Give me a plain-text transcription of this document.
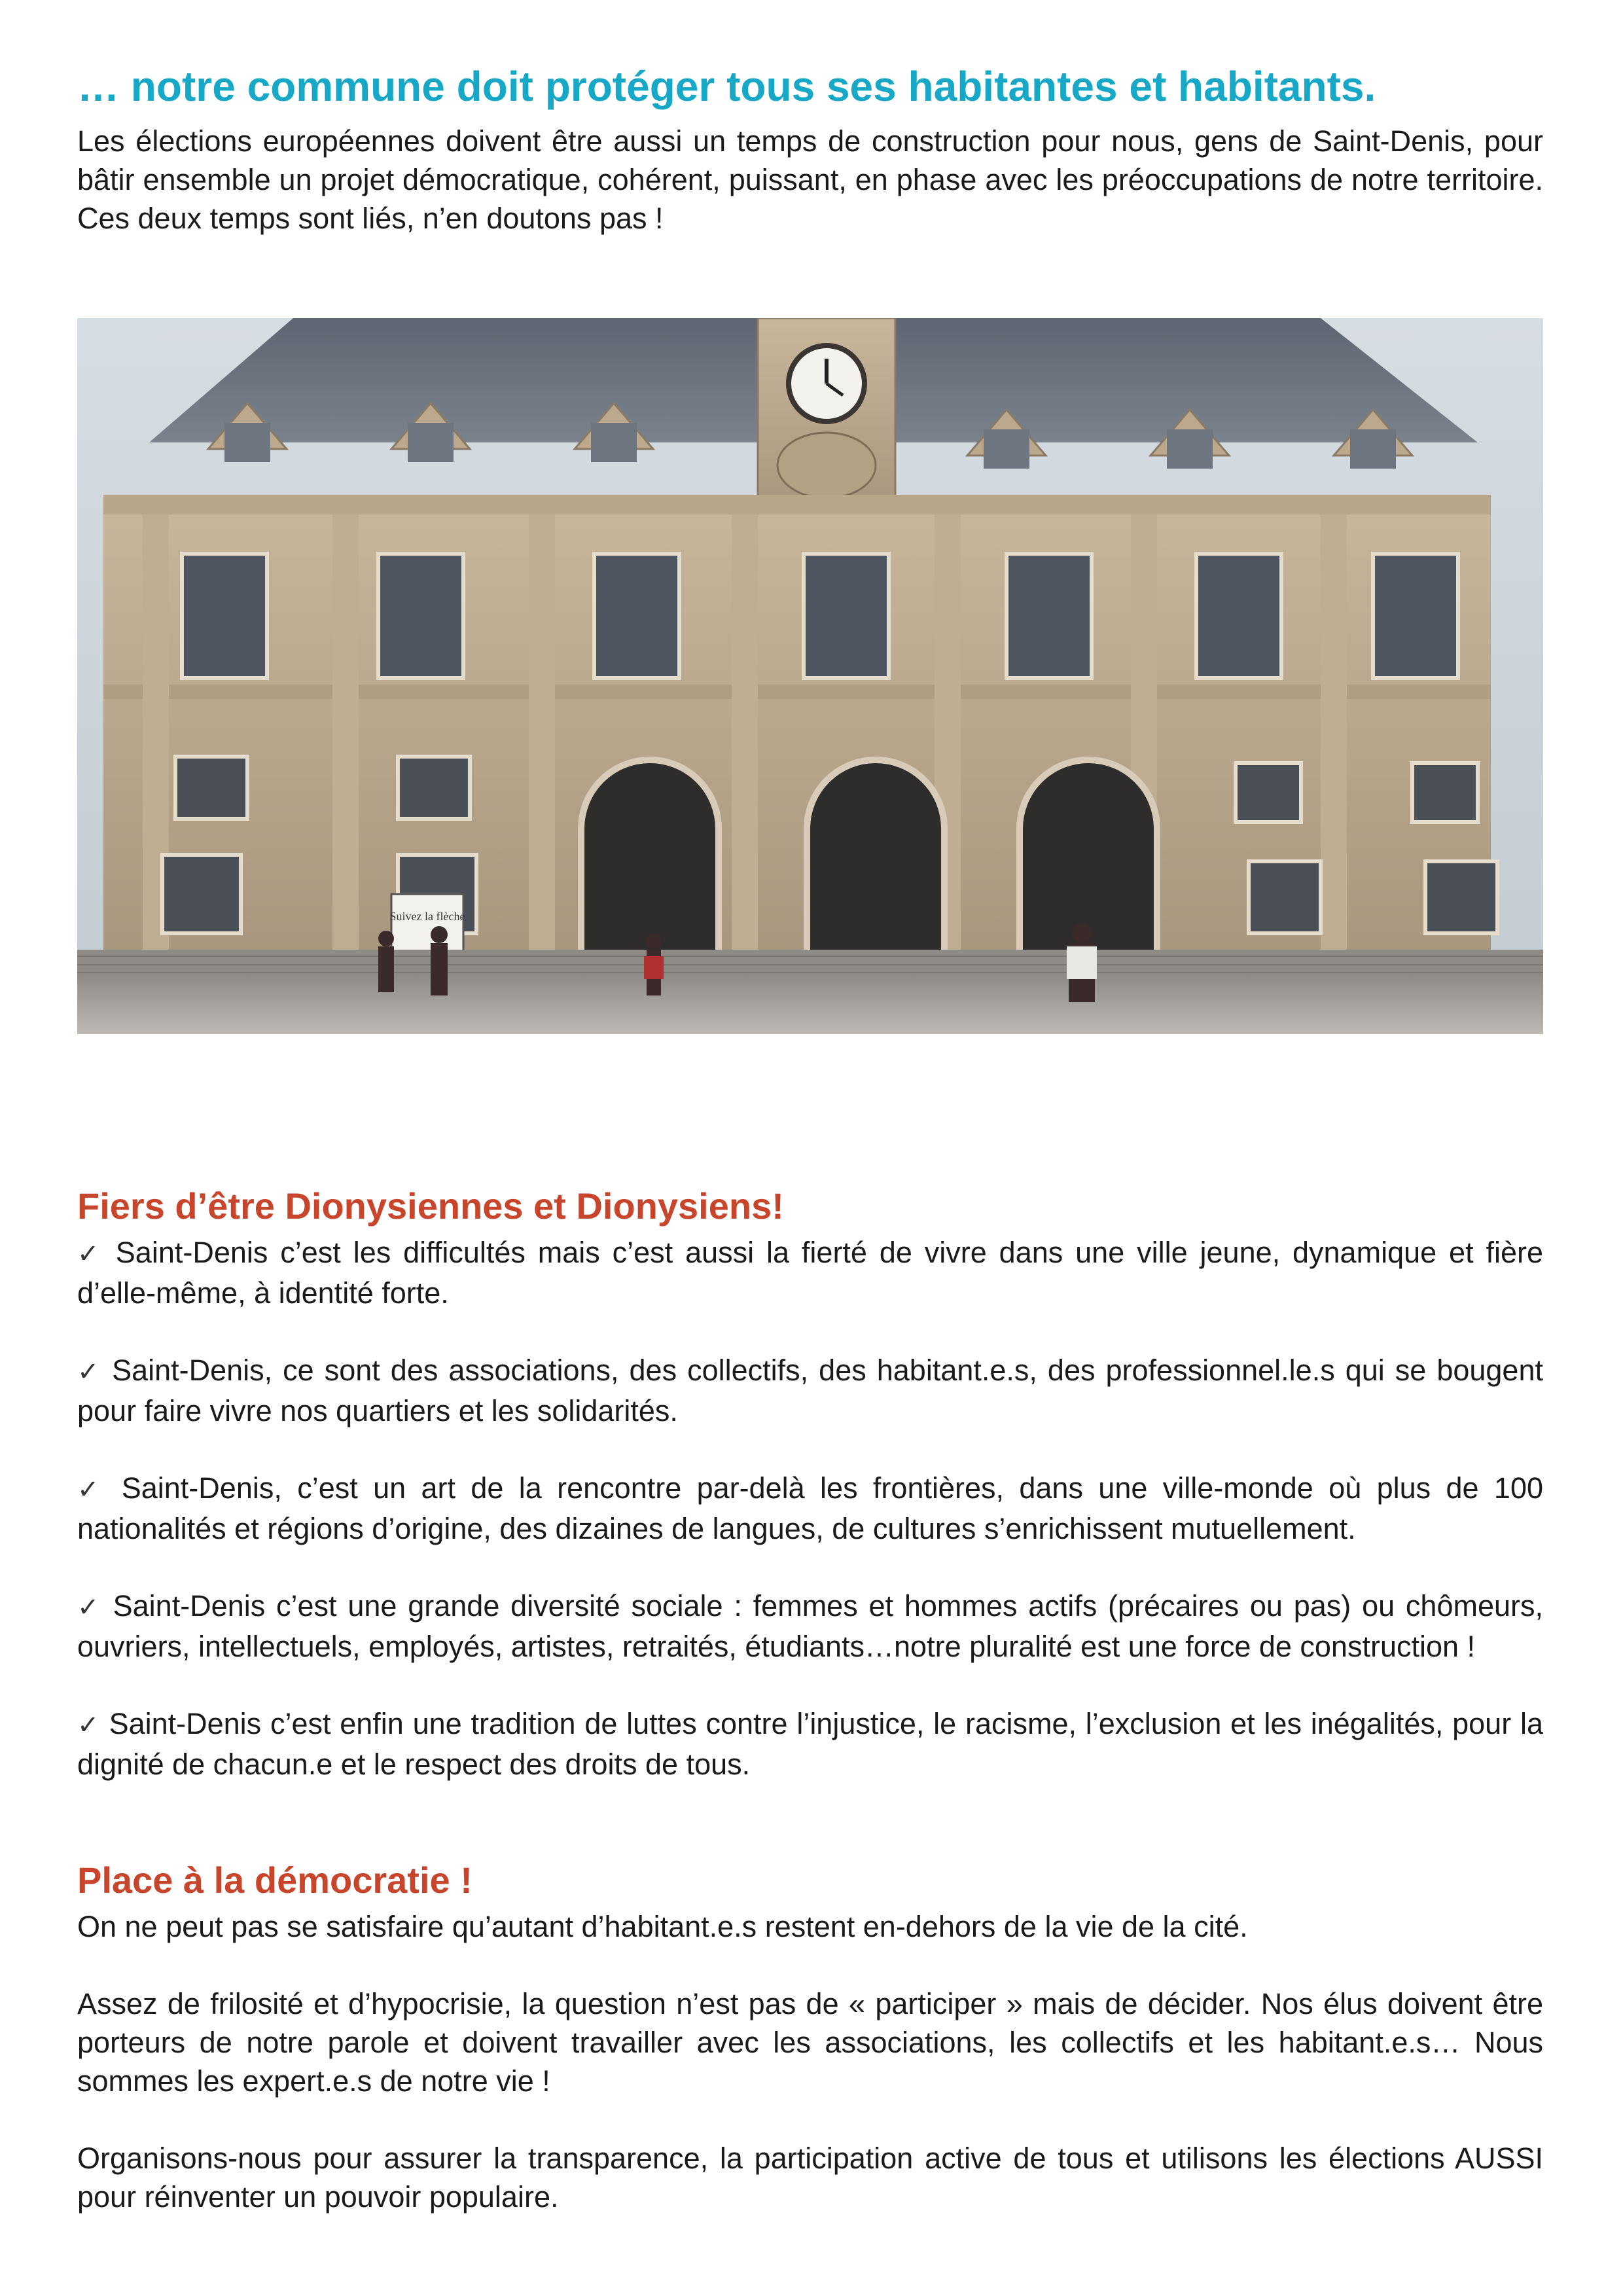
… notre commune doit protéger tous ses habitantes et habitants.

Les élections européennes doivent être aussi un temps de construction pour nous, gens de Saint-Denis, pour bâtir ensemble un projet démocratique, cohérent, puissant, en phase avec les préoccupations de notre territoire. Ces deux temps sont liés, n’en doutons pas !

Suivez la flèche
Fiers d’être Dionysiennes et Dionysiens!

✓ Saint-Denis c’est les difficultés mais c’est aussi la fierté de vivre dans une ville jeune, dynamique et fière d’elle-même, à identité forte.

✓ Saint-Denis, ce sont des associations, des collectifs, des habitant.e.s, des professionnel.le.s qui se bougent pour faire vivre nos quartiers et les solidarités.

✓ Saint-Denis, c’est un art de la rencontre par-delà les frontières, dans une ville-monde où plus de 100 nationalités et régions d’origine, des dizaines de langues, de cultures s’enrichissent mutuellement.

✓ Saint-Denis c’est une grande diversité sociale : femmes et hommes actifs (précaires ou pas) ou chômeurs, ouvriers, intellectuels, employés, artistes, retraités, étudiants…notre pluralité est une force de construction !

✓ Saint-Denis c’est enfin une tradition de luttes contre l’injustice, le racisme, l’exclusion et les inégalités, pour la dignité de chacun.e et le respect des droits de tous.

Place à la démocratie !

On ne peut pas se satisfaire qu’autant d’habitant.e.s restent en-dehors de la vie de la cité.

Assez de frilosité et d’hypocrisie, la question n’est pas de « participer » mais de décider. Nos élus doivent être porteurs de notre parole et doivent travailler avec les associations, les collectifs et les habitant.e.s… Nous sommes les expert.e.s de notre vie !

Organisons-nous pour assurer la transparence, la participation active de tous et utilisons les élections AUSSI pour réinventer un pouvoir populaire.
